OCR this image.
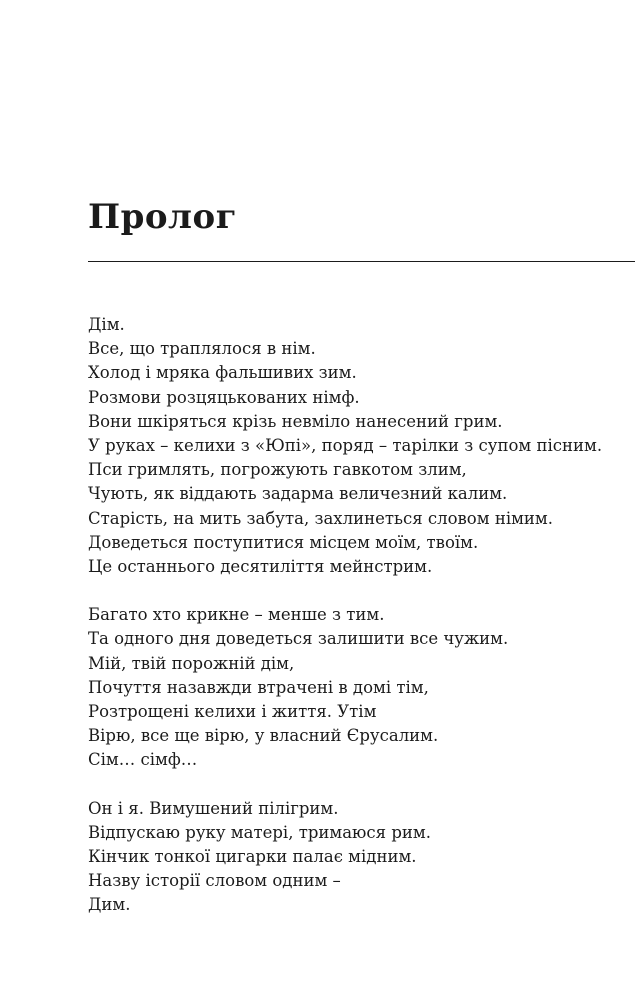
Пролог

Дім.
Все, що траплялося в нім.
Холод і мряка фальшивих зим.
Розмови розцяцькованих німф.
Вони шкіряться крізь невміло нанесений грим.
У руках – келихи з «Юпі», поряд – тарілки з супом пісним.
Пси гримлять, погрожують гавкотом злим,
Чують, як віддають задарма величезний калим.
Старість, на мить забута, захлинеться словом німим.
Доведеться поступитися місцем моїм, твоїм.
Це останнього десятиліття мейнстрим.

Багато хто крикне – менше з тим.
Та одного дня доведеться залишити все чужим.
Мій, твій порожній дім,
Почуття назавжди втрачені в домі тім,
Розтрощені келихи і життя. Утім
Вірю, все ще вірю, у власний Єрусалим.
Сім… сімф…

Он і я. Вимушений пілігрим.
Відпускаю руку матері, тримаюся рим.
Кінчик тонкої цигарки палає мідним.
Назву історії словом одним –
Дим.
